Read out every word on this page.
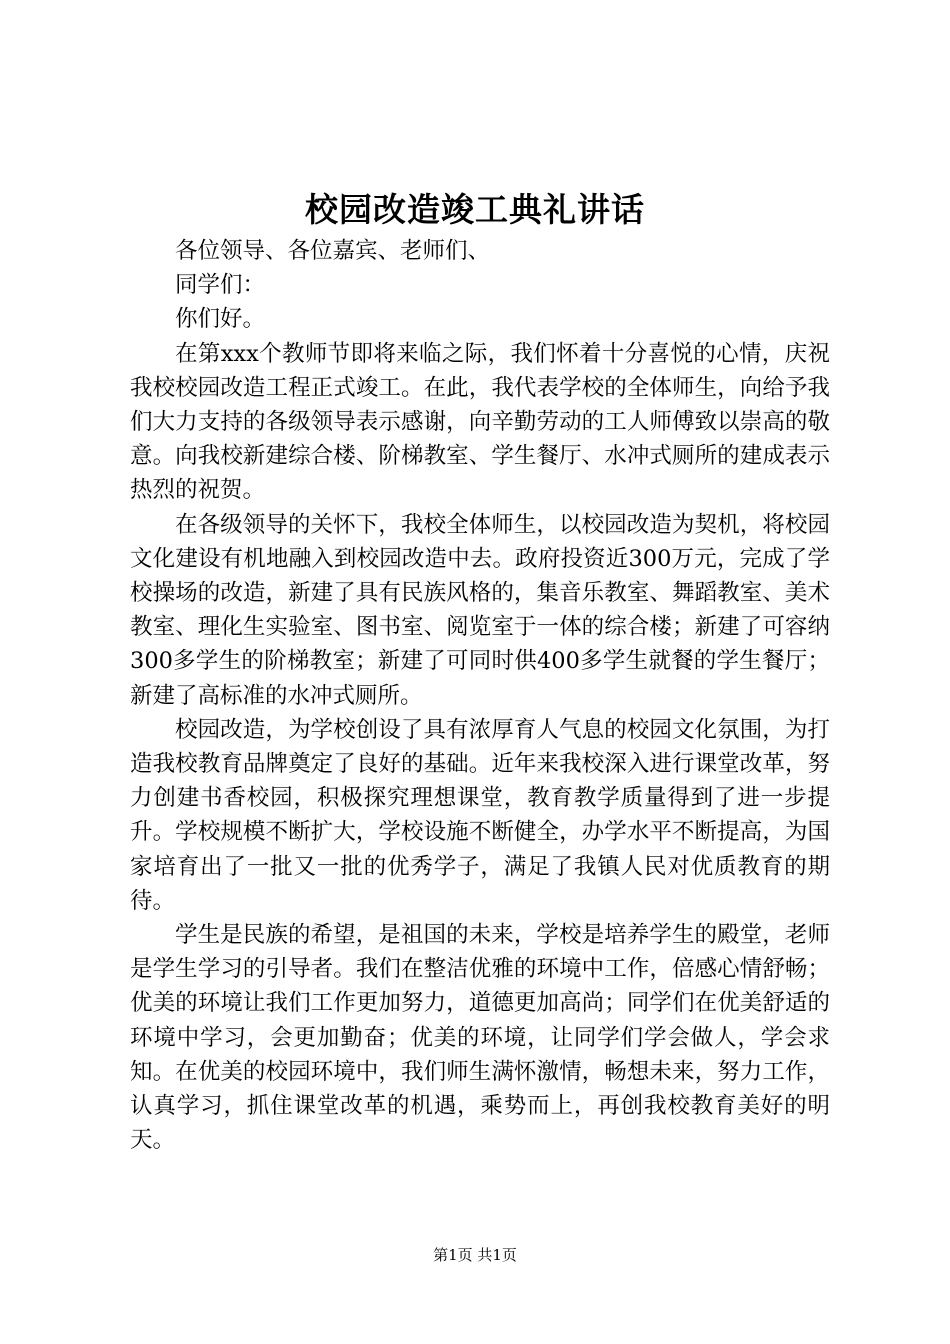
校园改造竣工典礼讲话

各位领导、各位嘉宾、老师们、

同学们：

你们好。

在第xxx个教师节即将来临之际，我们怀着十分喜悦的心情，庆祝我校校园改造工程正式竣工。在此，我代表学校的全体师生，向给予我们大力支持的各级领导表示感谢，向辛勤劳动的工人师傅致以崇高的敬意。向我校新建综合楼、阶梯教室、学生餐厅、水冲式厕所的建成表示热烈的祝贺。

在各级领导的关怀下，我校全体师生，以校园改造为契机，将校园文化建设有机地融入到校园改造中去。政府投资近300万元，完成了学校操场的改造，新建了具有民族风格的，集音乐教室、舞蹈教室、美术教室、理化生实验室、图书室、阅览室于一体的综合楼；新建了可容纳300多学生的阶梯教室；新建了可同时供400多学生就餐的学生餐厅；新建了高标准的水冲式厕所。

校园改造，为学校创设了具有浓厚育人气息的校园文化氛围，为打造我校教育品牌奠定了良好的基础。近年来我校深入进行课堂改革，努力创建书香校园，积极探究理想课堂，教育教学质量得到了进一步提升。学校规模不断扩大，学校设施不断健全，办学水平不断提高，为国家培育出了一批又一批的优秀学子，满足了我镇人民对优质教育的期待。

学生是民族的希望，是祖国的未来，学校是培养学生的殿堂，老师是学生学习的引导者。我们在整洁优雅的环境中工作，倍感心情舒畅；优美的环境让我们工作更加努力，道德更加高尚；同学们在优美舒适的环境中学习，会更加勤奋；优美的环境，让同学们学会做人，学会求知。在优美的校园环境中，我们师生满怀激情，畅想未来，努力工作，认真学习，抓住课堂改革的机遇，乘势而上，再创我校教育美好的明天。

第1页 共1页
